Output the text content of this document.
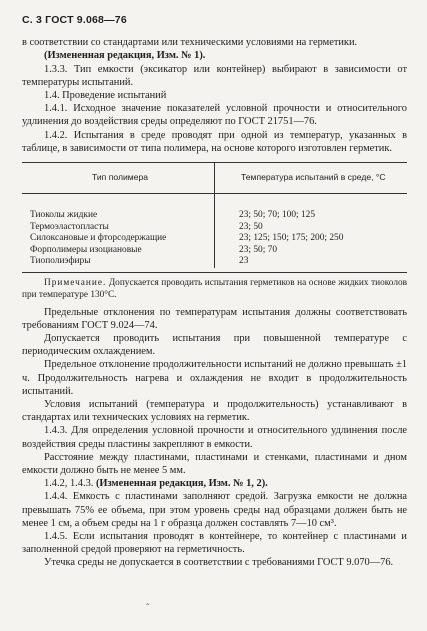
С. 3 ГОСТ 9.068—76
в соответствии со стандартами или техническими условиями на герметики.
(Измененная редакция, Изм. № 1).
1.3.3. Тип емкости (эксикатор или контейнер) выбирают в зависимости от температуры испытаний.
1.4. Проведение испытаний
1.4.1. Исходное значение показателей условной прочности и относительного удлинения до воздействия среды определяют по ГОСТ 21751—76.
1.4.2. Испытания в среде проводят при одной из температур, указанных в таблице, в зависимости от типа полимера, на основе которого изготовлен герметик.
Тип полимера	Температура испытаний в среде, °С
Тиоколы жидкие	23; 50; 70; 100; 125
Термоэластопласты	23; 50
Силоксановые и фторсодержащие	23; 125; 150; 175; 200; 250
Форполимеры изоциановые	23; 50; 70
Тиополиэфиры	23
Примечание. Допускается проводить испытания герметиков на основе жидких тиоколов при температуре 130°С.
Предельные отклонения по температурам испытания должны соответствовать требованиям ГОСТ 9.024—74.
Допускается проводить испытания при повышенной температуре с периодическим охлаждением.
Предельное отклонение продолжительности испытаний не должно превышать ±1 ч. Продолжительность нагрева и охлаждения не входит в продолжительность испытаний.
Условия испытаний (температура и продолжительность) устанавливают в стандартах или технических условиях на герметик.
1.4.3. Для определения условной прочности и относительного удлинения после воздействия среды пластины закрепляют в емкости.
Расстояние между пластинами, пластинами и стенками, пластинами и дном емкости должно быть не менее 5 мм.
1.4.2, 1.4.3. (Измененная редакция, Изм. № 1, 2).
1.4.4. Емкость с пластинами заполняют средой. Загрузка емкости не должна превышать 75% ее объема, при этом уровень среды над образцами должен быть не менее 1 см, а объем среды на 1 г образца должен составлять 7—10 см³.
1.4.5. Если испытания проводят в контейнере, то контейнер с пластинами и заполненной средой проверяют на герметичность.
Утечка среды не допускается в соответствии с требованиями ГОСТ 9.070—76.
ˆ
